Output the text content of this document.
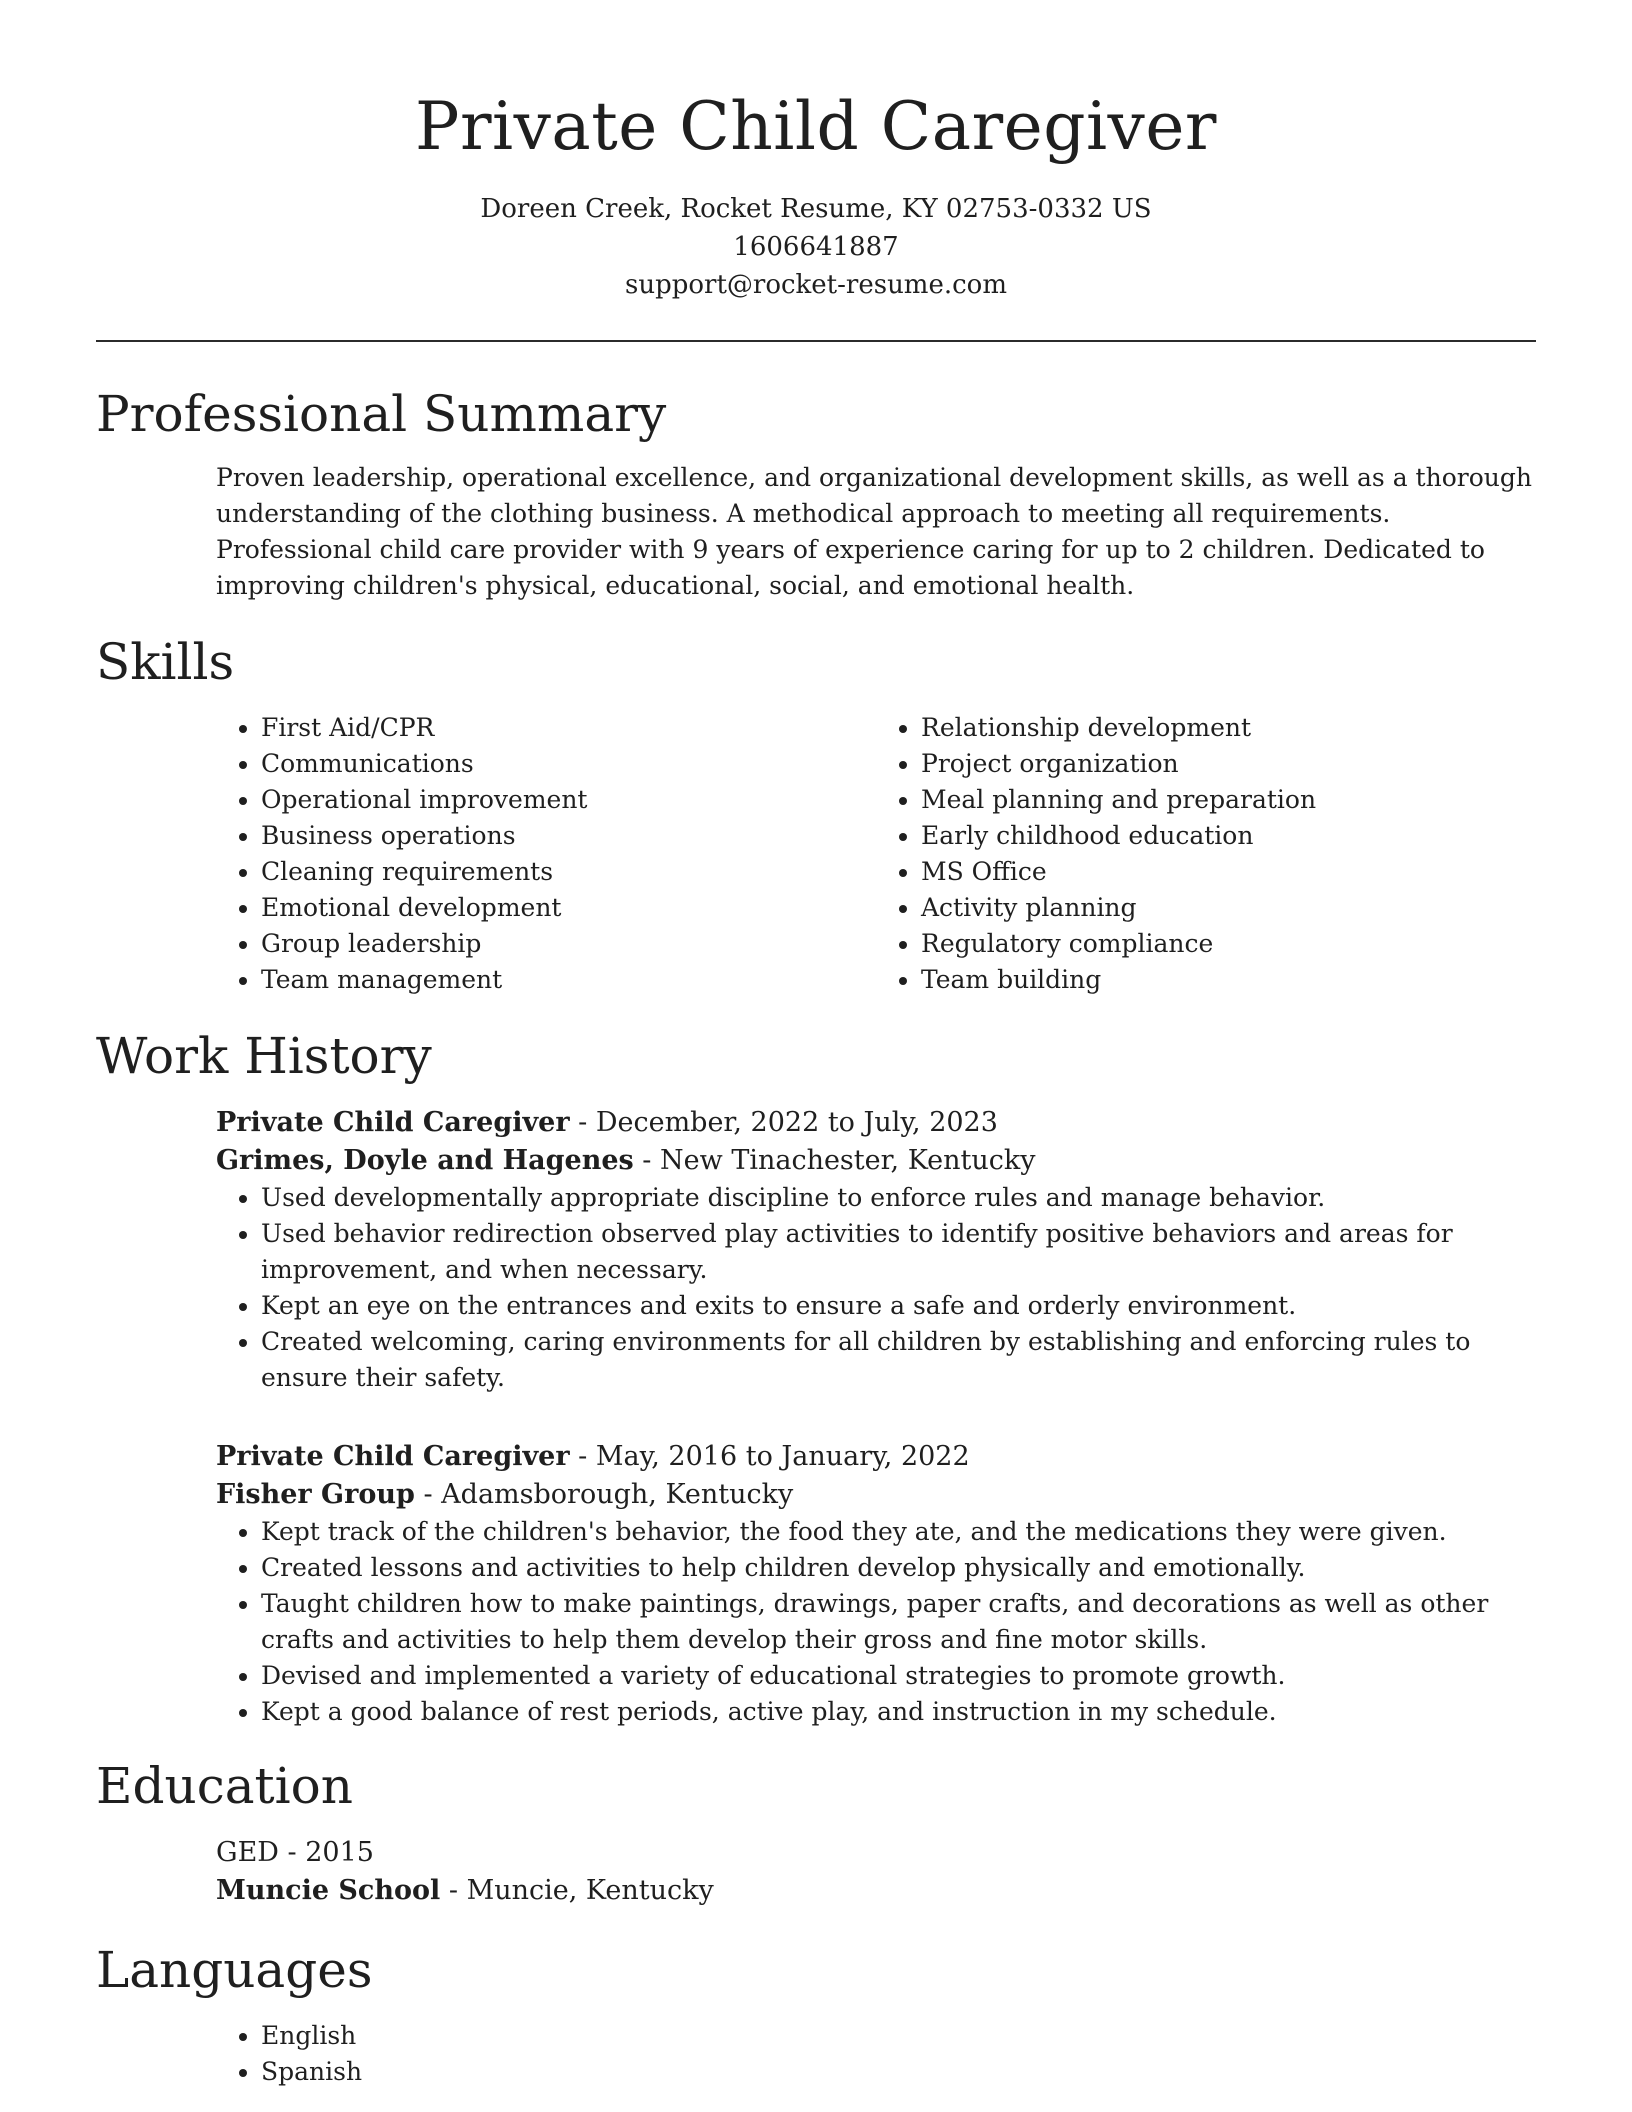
Private Child Caregiver
Doreen Creek, Rocket Resume, KY 02753-0332 US
1606641887
support@rocket-resume.com
Professional Summary

Proven leadership, operational excellence, and organizational development skills, as well as a thorough understanding of the clothing business. A methodical approach to meeting all requirements. Professional child care provider with 9 years of experience caring for up to 2 children. Dedicated to improving children's physical, educational, social, and emotional health.

Skills
• First Aid/CPR
• Communications
• Operational improvement
• Business operations
• Cleaning requirements
• Emotional development
• Group leadership
• Team management
• Relationship development
• Project organization
• Meal planning and preparation
• Early childhood education
• MS Office
• Activity planning
• Regulatory compliance
• Team building
Work History

Private Child Caregiver - December, 2022 to July, 2023

Grimes, Doyle and Hagenes - New Tinachester, Kentucky

• Used developmentally appropriate discipline to enforce rules and manage behavior.
• Used behavior redirection observed play activities to identify positive behaviors and areas for improvement, and when necessary.
• Kept an eye on the entrances and exits to ensure a safe and orderly environment.
• Created welcoming, caring environments for all children by establishing and enforcing rules to ensure their safety.

Private Child Caregiver - May, 2016 to January, 2022

Fisher Group - Adamsborough, Kentucky

• Kept track of the children's behavior, the food they ate, and the medications they were given.
• Created lessons and activities to help children develop physically and emotionally.
• Taught children how to make paintings, drawings, paper crafts, and decorations as well as other crafts and activities to help them develop their gross and fine motor skills.
• Devised and implemented a variety of educational strategies to promote growth.
• Kept a good balance of rest periods, active play, and instruction in my schedule.
Education

GED - 2015

Muncie School - Muncie, Kentucky

Languages
• English
• Spanish
